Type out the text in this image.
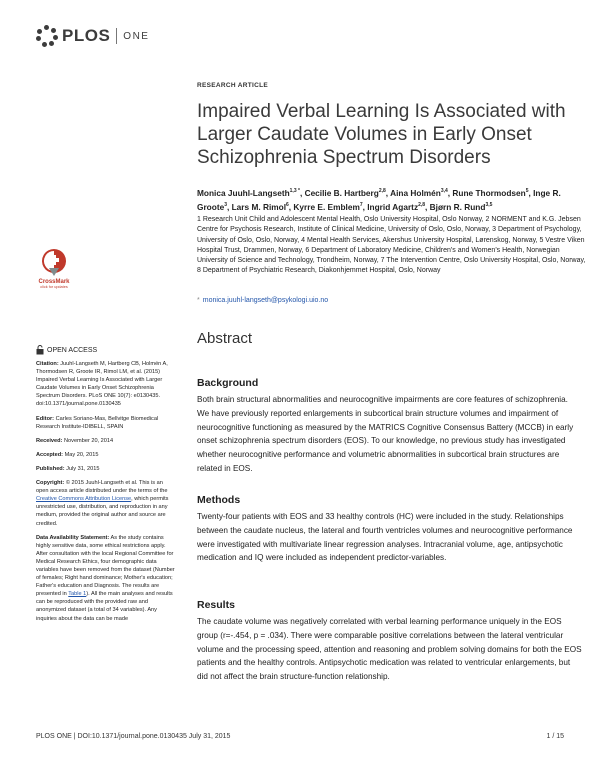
PLOS ONE
RESEARCH ARTICLE
Impaired Verbal Learning Is Associated with Larger Caudate Volumes in Early Onset Schizophrenia Spectrum Disorders
Monica Juuhl-Langseth$^{1,3 *}$, Cecilie B. Hartberg$^{2,8}$, Aina Holmén$^{3,4}$, Rune Thormodsen$^5$, Inge R. Groote$^3$, Lars M. Rimol$^6$, Kyrre E. Emblem$^7$, Ingrid Agartz$^{2,8}$, Bjørn R. Rund$^{3,5}$
1 Research Unit Child and Adolescent Mental Health, Oslo University Hospital, Oslo Norway, 2 NORMENT and K.G. Jebsen Centre for Psychosis Research, Institute of Clinical Medicine, University of Oslo, Oslo, Norway, 3 Department of Psychology, University of Oslo, Oslo, Norway, 4 Mental Health Services, Akershus University Hospital, Lørenskog, Norway, 5 Vestre Viken Hospital Trust, Drammen, Norway, 6 Department of Laboratory Medicine, Children's and Women's Health, Norwegian University of Science and Technology, Trondheim, Norway, 7 The Intervention Centre, Oslo University Hospital, Oslo, Norway, 8 Department of Psychiatric Research, Diakonhjemmet Hospital, Oslo, Norway
* monica.juuhl-langseth@psykologi.uio.no
CrossMark
click for updates
OPEN ACCESS

Citation: Juuhl-Langseth M, Hartberg CB, Holmén A, Thormodsen R, Groote IR, Rimol LM, et al. (2015) Impaired Verbal Learning Is Associated with Larger Caudate Volumes in Early Onset Schizophrenia Spectrum Disorders. PLoS ONE 10(7): e0130435. doi:10.1371/journal.pone.0130435

Editor: Carles Soriano-Mas, Bellvitge Biomedical Research Institute-IDIBELL, SPAIN

Received: November 20, 2014

Accepted: May 20, 2015

Published: July 31, 2015

Copyright: © 2015 Juuhl-Langseth et al. This is an open access article distributed under the terms of the Creative Commons Attribution License, which permits unrestricted use, distribution, and reproduction in any medium, provided the original author and source are credited.

Data Availability Statement: As the study contains highly sensitive data, some ethical restrictions apply. After consultation with the local Regional Committee for Medical Research Ethics, four demographic data variables have been removed from the dataset (Number of females; Right hand dominance; Mother's education; Father's education and Diagnosis. The results are presented in Table 1). All the main analyses and results can be reproduced with the provided raw and anonymized dataset (a total of 34 variables). Any inquiries about the data can be made

Abstract
Background

Both brain structural abnormalities and neurocognitive impairments are core features of schizophrenia. We have previously reported enlargements in subcortical brain structure volumes and impairment of neurocognitive functioning as measured by the MATRICS Cognitive Consensus Battery (MCCB) in early onset schizophrenia spectrum disorders (EOS). To our knowledge, no previous study has investigated whether neurocognitive performance and volumetric abnormalities in subcortical brain structures are related in EOS.

Methods

Twenty-four patients with EOS and 33 healthy controls (HC) were included in the study. Relationships between the caudate nucleus, the lateral and fourth ventricles volumes and neurocognitive performance were investigated with multivariate linear regression analyses. Intracranial volume, age, antipsychotic medication and IQ were included as independent predictor-variables.

Results

The caudate volume was negatively correlated with verbal learning performance uniquely in the EOS group (r=-.454, p = .034). There were comparable positive correlations between the lateral ventricular volume and the processing speed, attention and reasoning and problem solving domains for both the EOS patients and the healthy controls. Antipsychotic medication was related to ventricular enlargements, but did not affect the brain structure-function relationship.

PLOS ONE | DOI:10.1371/journal.pone.0130435 July 31, 2015	1 / 15
